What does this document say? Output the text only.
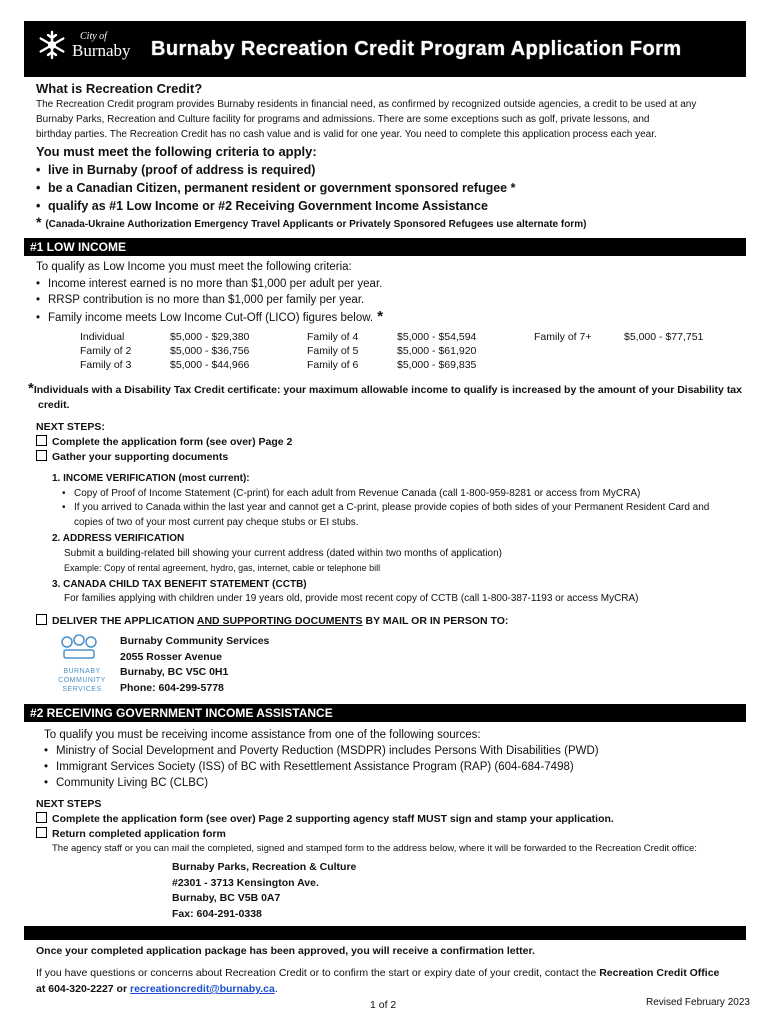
City of
Burnaby Burnaby Recreation Credit Program Application Form
What is Recreation Credit?
The Recreation Credit program provides Burnaby residents in financial need, as confirmed by recognized outside agencies, a credit to be used at any
Burnaby Parks, Recreation and Culture facility for programs and admissions. There are some exceptions such as golf, private lessons, and
birthday parties. The Recreation Credit has no cash value and is valid for one year. You need to complete this application process each year.
You must meet the following criteria to apply:
• live in Burnaby (proof of address is required)
• be a Canadian Citizen, permanent resident or government sponsored refugee *
• qualify as #1 Low Income or #2 Receiving Government Income Assistance
* (Canada-Ukraine Authorization Emergency Travel Applicants or Privately Sponsored Refugees use alternate form)
#1 LOW INCOME
To qualify as Low Income you must meet the following criteria:
• Income interest earned is no more than $1,000 per adult per year.
• RRSP contribution is no more than $1,000 per family per year.
• Family income meets Low Income Cut-Off (LICO) figures below. *
Individual	$5,000 - $29,380	Family of 4	$5,000 - $54,594	Family of 7+	$5,000 - $77,751
Family of 2	$5,000 - $36,756	Family of 5	$5,000 - $61,920		
Family of 3	$5,000 - $44,966	Family of 6	$5,000 - $69,835		
*Individuals with a Disability Tax Credit certificate: your maximum allowable income to qualify is increased by the amount of your Disability tax
credit.
NEXT STEPS:
Complete the application form (see over) Page 2
Gather your supporting documents
1. INCOME VERIFICATION (most current):
• Copy of Proof of Income Statement (C-print) for each adult from Revenue Canada (call 1-800-959-8281 or access from MyCRA)
• If you arrived to Canada within the last year and cannot get a C-print, please provide copies of both sides of your Permanent Resident Card and
copies of two of your most current pay cheque stubs or EI stubs.
2. ADDRESS VERIFICATION
Submit a building-related bill showing your current address (dated within two months of application)
Example: Copy of rental agreement, hydro, gas, internet, cable or telephone bill
3. CANADA CHILD TAX BENEFIT STATEMENT (CCTB)
For families applying with children under 19 years old, provide most recent copy of CCTB (call 1-800-387-1193 or access MyCRA)
DELIVER THE APPLICATION AND SUPPORTING DOCUMENTS BY MAIL OR IN PERSON TO:
BURNABY
COMMUNITY
SERVICES
Burnaby Community Services
2055 Rosser Avenue
Burnaby, BC V5C 0H1
Phone: 604-299-5778
#2 RECEIVING GOVERNMENT INCOME ASSISTANCE
To qualify you must be receiving income assistance from one of the following sources:
• Ministry of Social Development and Poverty Reduction (MSDPR) includes Persons With Disabilities (PWD)
• Immigrant Services Society (ISS) of BC with Resettlement Assistance Program (RAP) (604-684-7498)
• Community Living BC (CLBC)
NEXT STEPS
Complete the application form (see over) Page 2 supporting agency staff MUST sign and stamp your application.
Return completed application form
The agency staff or you can mail the completed, signed and stamped form to the address below, where it will be forwarded to the Recreation Credit office:
Burnaby Parks, Recreation & Culture
#2301 - 3713 Kensington Ave.
Burnaby, BC V5B 0A7
Fax: 604-291-0338
Once your completed application package has been approved, you will receive a confirmation letter.
If you have questions or concerns about Recreation Credit or to confirm the start or expiry date of your credit, contact the Recreation Credit Office
at 604-320-2227 or recreationcredit@burnaby.ca.
1 of 2	Revised February 2023
